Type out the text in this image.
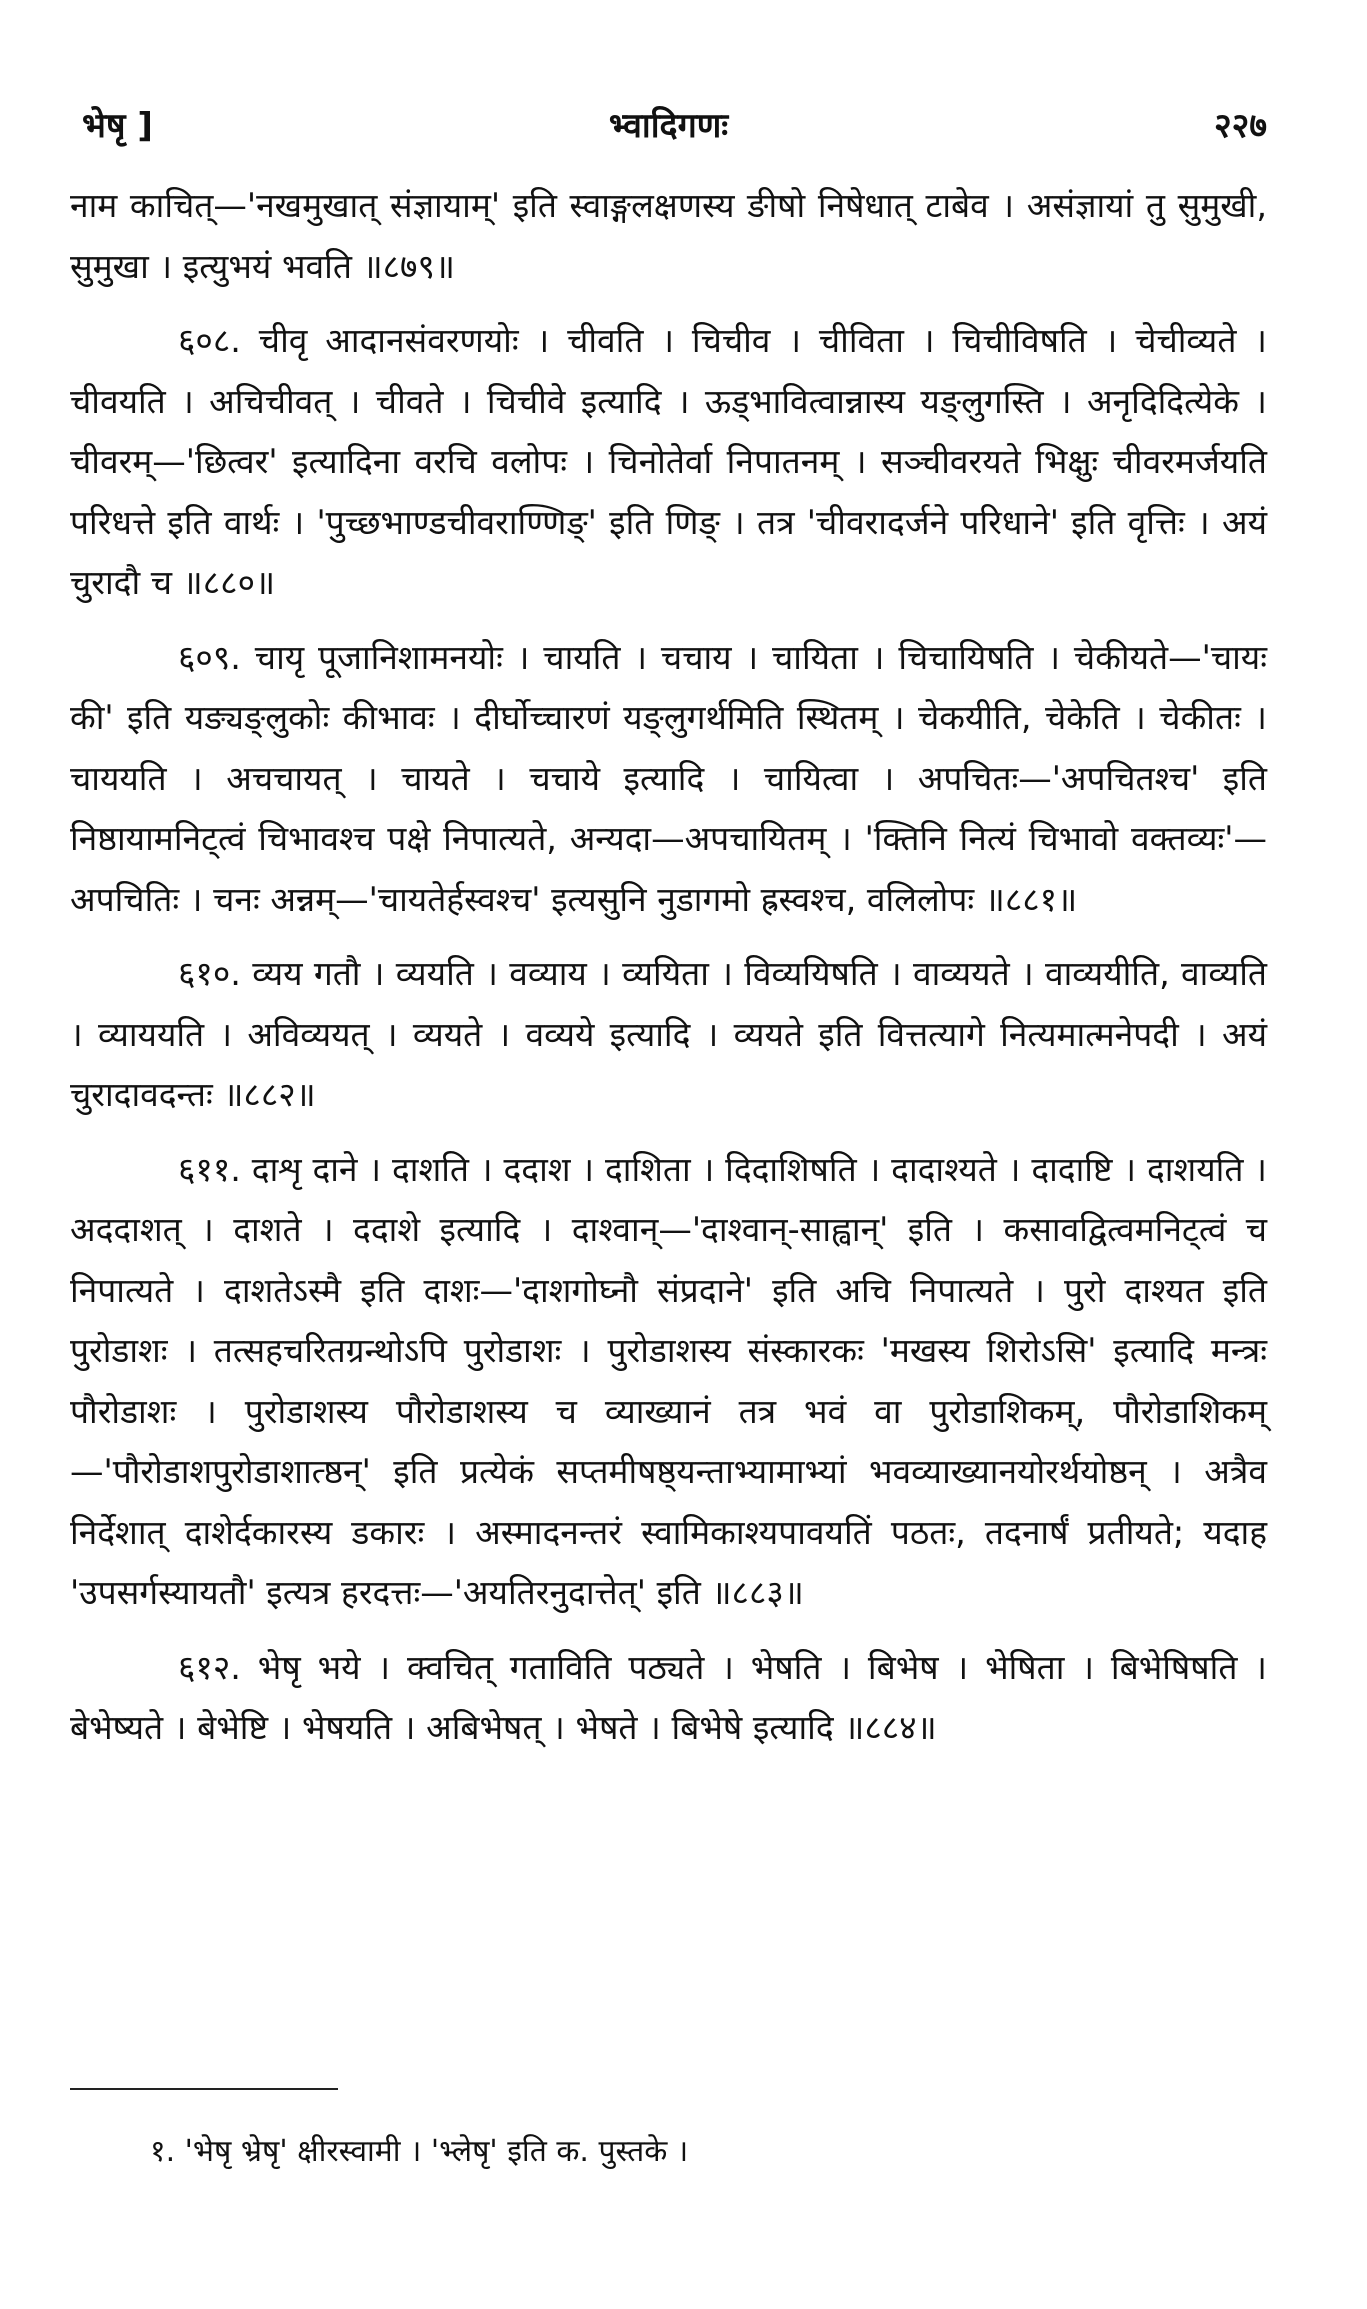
भ्वादिगणः
भेषृ ]	२२७

नाम काचित्—'नखमुखात् संज्ञायाम्' इति स्वाङ्गलक्षणस्य ङीषो निषेधात् टाबेव । असंज्ञायां तु सुमुखी, सुमुखा । इत्युभयं भवति ॥८७९॥

६०८. चीवृ आदानसंवरणयोः । चीवति । चिचीव । चीविता । चिचीविषति । चेचीव्यते । चीवयति । अचिचीवत् । चीवते । चिचीवे इत्यादि । ऊड्भावित्वान्नास्य यङ्लुगस्ति । अनृदिदित्येके । चीवरम्—'छित्वर' इत्यादिना वरचि वलोपः । चिनोतेर्वा निपातनम् । सञ्चीवरयते भिक्षुः चीवरमर्जयति परिधत्ते इति वार्थः । 'पुच्छभाण्डचीवराण्णिङ्' इति णिङ् । तत्र 'चीवरादर्जने परिधाने' इति वृत्तिः । अयं चुरादौ च ॥८८०॥

६०९. चायृ पूजानिशामनयोः । चायति । चचाय । चायिता । चिचायिषति । चेकीयते—'चायः की' इति यङ्यङ्लुकोः कीभावः । दीर्घोच्चारणं यङ्लुगर्थमिति स्थितम् । चेकयीति, चेकेति । चेकीतः । चाययति । अचचायत् । चायते । चचाये इत्यादि । चायित्वा । अपचितः—'अपचितश्च' इति निष्ठायामनिट्त्वं चिभावश्च पक्षे निपात्यते, अन्यदा—अपचायितम् । 'क्तिनि नित्यं चिभावो वक्तव्यः'—अपचितिः । चनः अन्नम्—'चायतेर्हस्वश्च' इत्यसुनि नुडागमो ह्रस्वश्च, वलिलोपः ॥८८१॥

६१०. व्यय गतौ । व्ययति । वव्याय । व्ययिता । विव्ययिषति । वाव्ययते । वाव्ययीति, वाव्यति । व्याययति । अविव्ययत् । व्ययते । वव्यये इत्यादि । व्ययते इति वित्तत्यागे नित्यमात्मनेपदी । अयं चुरादावदन्तः ॥८८२॥

६११. दाशृ दाने । दाशति । ददाश । दाशिता । दिदाशिषति । दादाश्यते । दादाष्टि । दाशयति । अददाशत् । दाशते । ददाशे इत्यादि । दाश्वान्—'दाश्वान्-साह्वान्' इति । कसावद्वित्वमनिट्त्वं च निपात्यते । दाशतेऽस्मै इति दाशः—'दाशगोघ्नौ संप्रदाने' इति अचि निपात्यते । पुरो दाश्यत इति पुरोडाशः । तत्सहचरितग्रन्थोऽपि पुरोडाशः । पुरोडाशस्य संस्कारकः 'मखस्य शिरोऽसि' इत्यादि मन्त्रः पौरोडाशः । पुरोडाशस्य पौरोडाशस्य च व्याख्यानं तत्र भवं वा पुरोडाशिकम्, पौरोडाशिकम्—'पौरोडाशपुरोडाशात्ष्ठन्' इति प्रत्येकं सप्तमीषष्ठ्यन्ताभ्यामाभ्यां भवव्याख्यानयोरर्थयोष्ठन् । अत्रैव निर्देशात् दाशेर्दकारस्य डकारः । अस्मादनन्तरं स्वामिकाश्यपावयतिं पठतः, तदनार्षं प्रतीयते; यदाह 'उपसर्गस्यायतौ' इत्यत्र हरदत्तः—'अयतिरनुदात्तेत्' इति ॥८८३॥

६१२. भेषृ भये । क्वचित् गताविति पठ्यते । भेषति । बिभेष । भेषिता । बिभेषिषति । बेभेष्यते । बेभेष्टि । भेषयति । अबिभेषत् । भेषते । बिभेषे इत्यादि ॥८८४॥

१. 'भेषृ भ्रेषृ' क्षीरस्वामी । 'भ्लेषृ' इति क. पुस्तके ।
